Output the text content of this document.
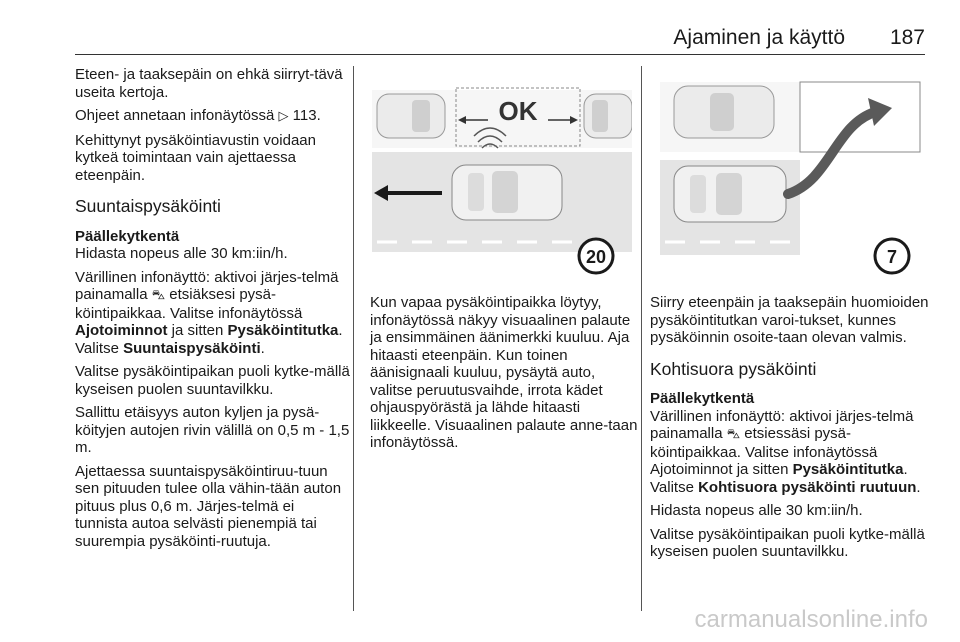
Ajaminen ja käyttö 187

Eteen- ja taaksepäin on ehkä siirryt-tävä useita kertoja.

Ohjeet annetaan infonäytössä ▷ 113.

Kehittynyt pysäköintiavustin voidaan kytkeä toimintaan vain ajettaessa eteenpäin.

Suuntaispysäköinti
Päällekytkentä

Hidasta nopeus alle 30 km:iin/h.

Värillinen infonäyttö: aktivoi järjes-telmä painamalla ⛍ etsiäksesi pysä-köintipaikkaa. Valitse infonäytössä Ajotoiminnot ja sitten Pysäköintitutka. Valitse Suuntaispysäköinti.

Valitse pysäköintipaikan puoli kytke-mällä kyseisen puolen suuntavilkku.

Sallittu etäisyys auton kyljen ja pysä-köityjen autojen rivin välillä on 0,5 m - 1,5 m.

Ajettaessa suuntaispysäköintiruu-tuun sen pituuden tulee olla vähin-tään auton pituus plus 0,6 m. Järjes-telmä ei tunnista autoa selvästi pienempiä tai suurempia pysäköinti-ruutuja.

OK
20	7

Kun vapaa pysäköintipaikka löytyy, infonäytössä näkyy visuaalinen palaute ja ensimmäinen äänimerkki kuuluu. Aja hitaasti eteenpäin. Kun toinen äänisignaali kuuluu, pysäytä auto, valitse peruutusvaihde, irrota kädet ohjauspyörästä ja lähde hitaasti liikkeelle. Visuaalinen palaute anne-taan infonäytössä.

Siirry eteenpäin ja taaksepäin huomioiden pysäköintitutkan varoi-tukset, kunnes pysäköinnin osoite-taan olevan valmis.

Kohtisuora pysäköinti
Päällekytkentä

Värillinen infonäyttö: aktivoi järjes-telmä painamalla ⛍ etsiessäsi pysä-köintipaikkaa. Valitse infonäytössä Ajotoiminnot ja sitten Pysäköintitutka. Valitse Kohtisuora pysäköinti ruutuun.

Hidasta nopeus alle 30 km:iin/h.

Valitse pysäköintipaikan puoli kytke-mällä kyseisen puolen suuntavilkku.

carmanualsonline.info
